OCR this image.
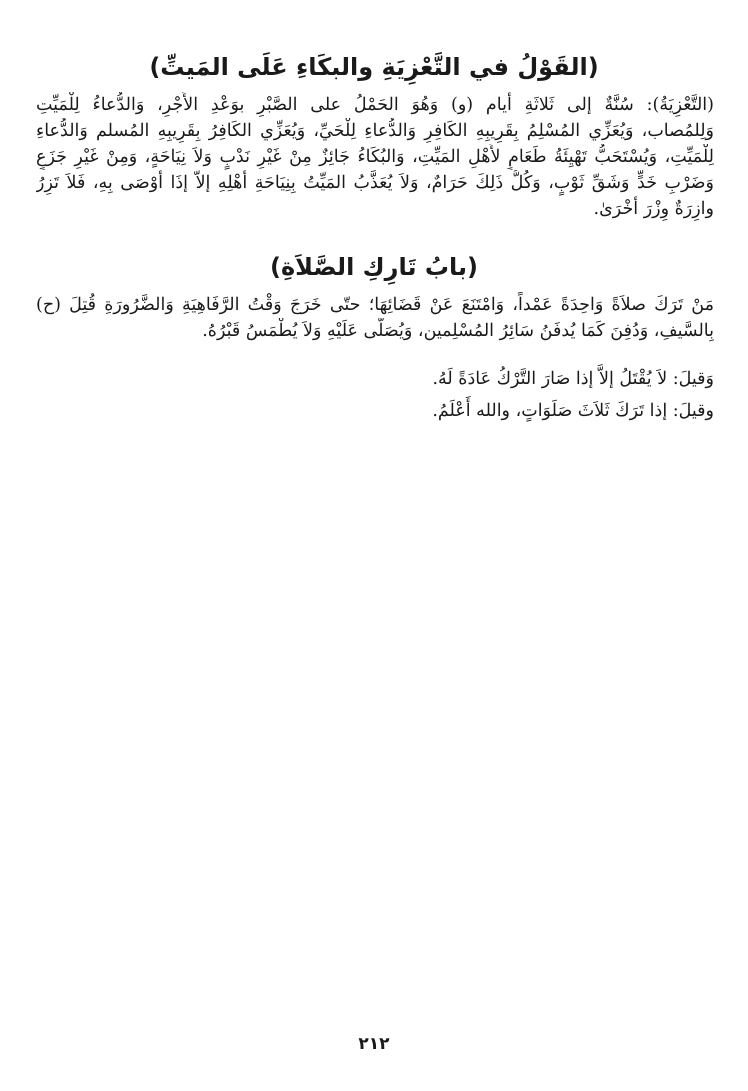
(القَوْلُ في التَّعْزِيَةِ والبكَاءِ عَلَى المَيتِّ)
(التَّعْزِيَةُ): سُنَّةٌ إلى ثَلاثَةِ أيام (و) وَهُوَ الحَمْلُ على الصَّبْرِ بوَعْدِ الأَجْرِ، وَالدُّعاءُ لِلْمَيِّتِ
وَلِلمُصاب، وَيُعَزِّي المُسْلِمُ بِقَرِيبِهِ الكَافِرِ وَالدُّعاءِ لِلْحَيِّ، وَيُعَزِّي الكَافِرُ بِقَرِيبِهِ المُسلم وَالدُّعاءِ
لِلْمَيِّتِ، وَيُسْتَحَبُّ تَهْيِئَةُ طَعَامٍ لأَهْلِ المَيِّتِ، وَالبُكَاءُ جَائِزٌ مِنْ غَيْرِ نَدْبٍ وَلاَ نِيَاحَةٍ، وَمِنْ غَيْرِ جَزَعٍ
وَضَرْبِ خَدٍّ وَشَقِّ ثَوْبٍ، وَكُلُّ ذَلِكَ حَرَامٌ، وَلاَ يُعَذَّبُ المَيِّتُ بِنِيَاحَةِ أَهْلِهِ إلاَّ إذَا أَوْصَى بِهِ، فَلاَ تَزِرُ
وازِرَةٌ وِزْرَ أُخْرَىٰ.
(بابُ تَارِكِ الصَّلاَةِ)
مَنْ تَرَكَ صلاَةً وَاحِدَةً عَمْداً، وَامْتَنَعَ عَنْ قَضَائِهَا؛ حتّى خَرَجَ وَقْتُ الرَّفَاهِيَةِ وَالضَّرُورَةِ قُتِلَ (ح)
بِالسَّيفِ، وَدُفِنَ كَمَا يُدفَنُ سَائِرُ المُسْلِمين، وَيُصَلَّى عَلَيْهِ وَلاَ يُطْمَسُ قَبْرُهُ.
وَقيلَ: لاَ يُقْتَلُ إلاَّ إذا صَارَ التَّرْكُ عَادَةً لَهُ.
وقيلَ: إذا تَرَكَ ثَلاَثَ صَلَوَاتٍ، والله أَعْلَمُ.
٢١٢
